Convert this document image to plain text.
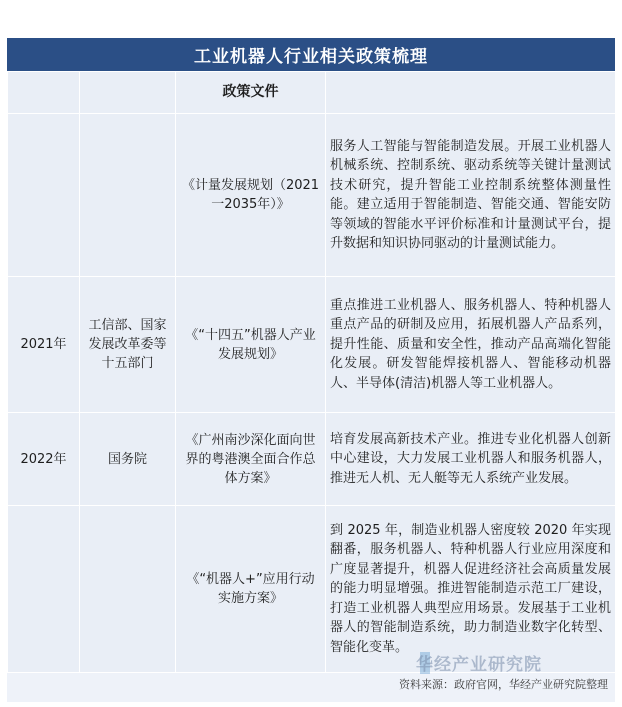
工业机器人行业相关政策梳理
		政策文件	
		《计量发展规划（2021一2035年）》	服务人工智能与智能制造发展。开展工业机器人机械系统、控制系统、驱动系统等关键计量测试技术研究，提升智能工业控制系统整体测量性能。建立适用于智能制造、智能交通、智能安防等领域的智能水平评价标准和计量测试平台，提升数据和知识协同驱动的计量测试能力。

2021年	工信部、国家发展改革委等十五部门	《“十四五”机器人产业发展规划》	重点推进工业机器人、服务机器人、特种机器人重点产品的研制及应用，拓展机器人产品系列，提升性能、质量和安全性，推动产品高端化智能化发展。研发智能焊接机器人、智能移动机器人、半导体(清洁)机器人等工业机器人。

2022年	国务院	《广州南沙深化面向世界的粤港澳全面合作总体方案》	培育发展高新技术产业。推进专业化机器人创新中心建设，大力发展工业机器人和服务机器人，推进无人机、无人艇等无人系统产业发展。

		《“机器人+”应用行动实施方案》	到 2025 年，制造业机器人密度较 2020 年实现翻番，服务机器人、特种机器人行业应用深度和广度显著提升，机器人促进经济社会高质量发展的能力明显增强。推进智能制造示范工厂建设，打造工业机器人典型应用场景。发展基于工业机器人的智能制造系统，助力制造业数字化转型、智能化变革。
华经产业研究院
资料来源：政府官网，华经产业研究院整理
